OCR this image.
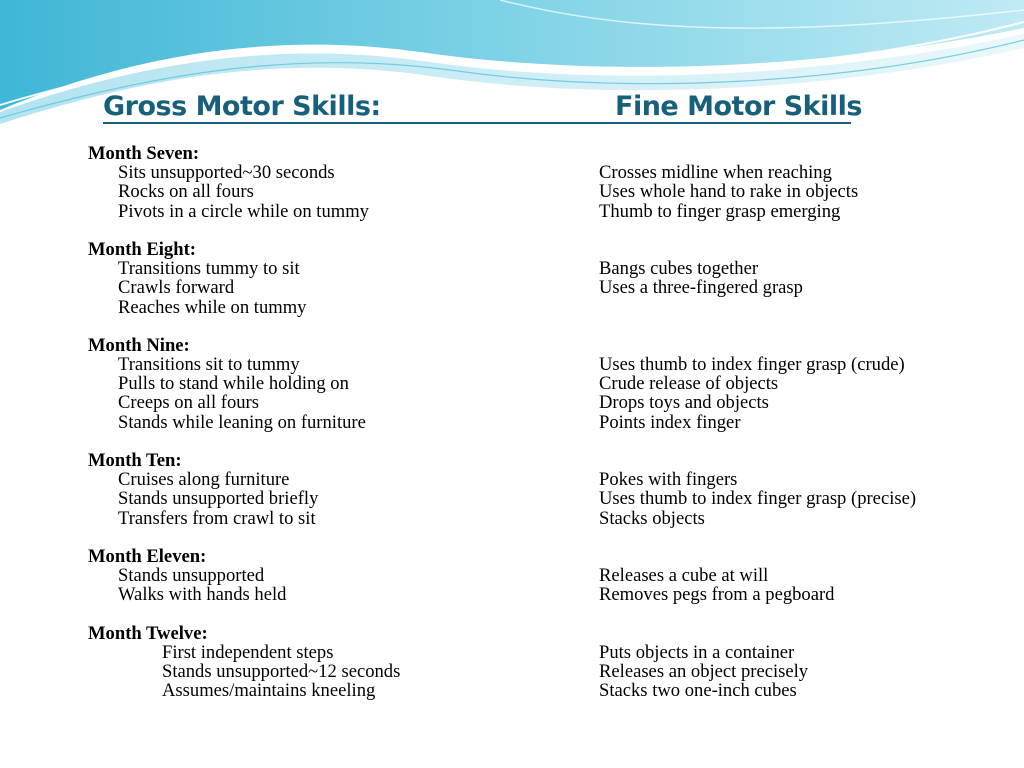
Gross Motor Skills:	Fine Motor Skills
Month Seven:
Sits unsupported~30 seconds	Crosses midline when reaching
Rocks on all fours	Uses whole hand to rake in objects
Pivots in a circle while on tummy	Thumb to finger grasp emerging
Month Eight:
Transitions tummy to sit	Bangs cubes together
Crawls forward	Uses a three-fingered grasp
Reaches while on tummy
Month Nine:
Transitions sit to tummy	Uses thumb to index finger grasp (crude)
Pulls to stand while holding on	Crude release of objects
Creeps on all fours	Drops toys and objects
Stands while leaning on furniture	Points index finger
Month Ten:
Cruises along furniture	Pokes with fingers
Stands unsupported briefly	Uses thumb to index finger grasp (precise)
Transfers from crawl to sit	Stacks objects
Month Eleven:
Stands unsupported	Releases a cube at will
Walks with hands held	Removes pegs from a pegboard
Month Twelve:
First independent steps	Puts objects in a container
Stands unsupported~12 seconds	Releases an object precisely
Assumes/maintains kneeling	Stacks two one-inch cubes
